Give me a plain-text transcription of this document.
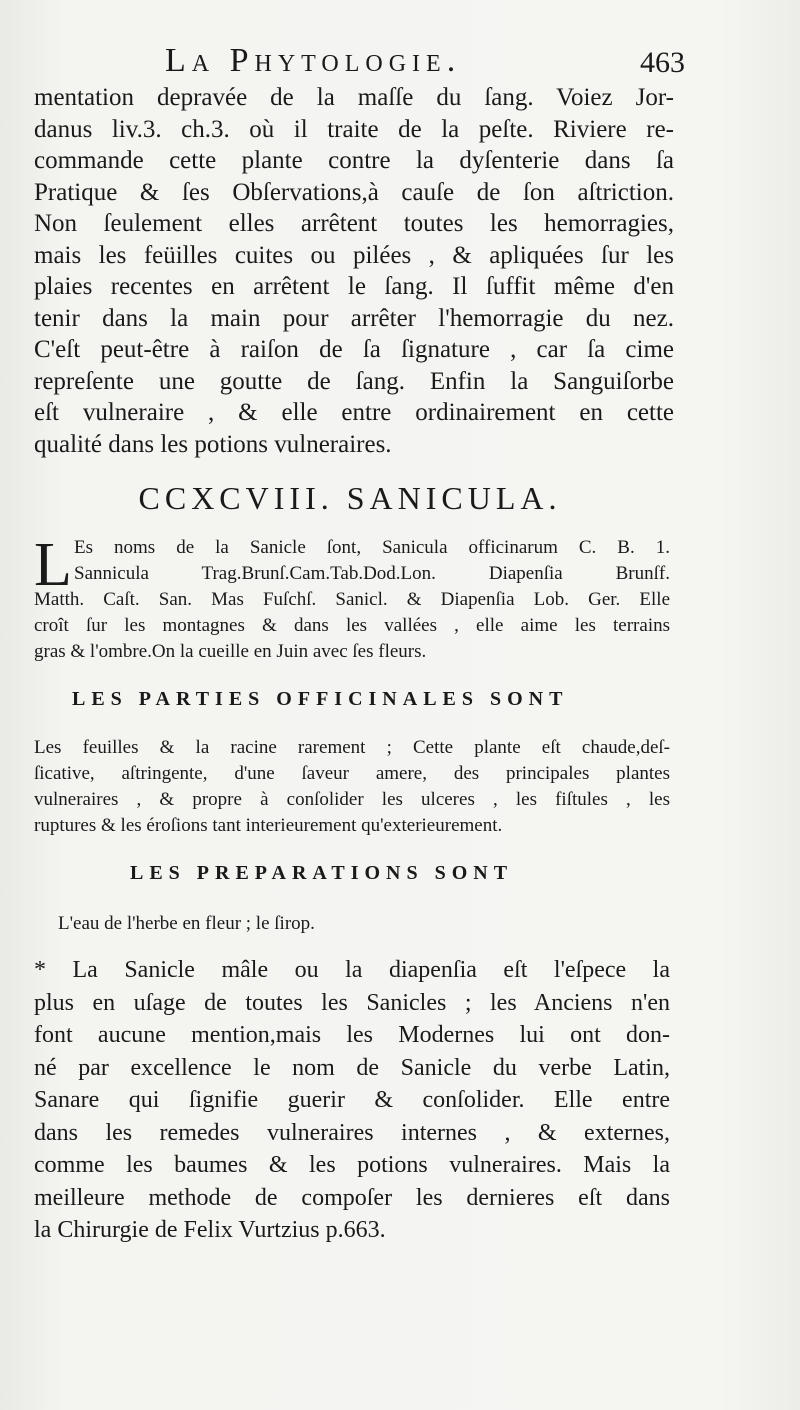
La Phytologie.	463
mentation depravée de la maſſe du ſang. Voiez Jor-
danus liv.3. ch.3. où il traite de la peſte. Riviere re-
commande cette plante contre la dyſenterie dans ſa
Pratique & ſes Obſervations,à cauſe de ſon aſtriction.
Non ſeulement elles arrêtent toutes les hemorragies,
mais les feüilles cuites ou pilées , & apliquées ſur les
plaies recentes en arrêtent le ſang. Il ſuffit même d'en
tenir dans la main pour arrêter l'hemorragie du nez.
C'eſt peut-être à raiſon de ſa ſignature , car ſa cime
repreſente une goutte de ſang. Enfin la Sanguiſorbe
eſt vulneraire , & elle entre ordinairement en cette
qualité dans les potions vulneraires.
CCXCVIII. SANICULA.
L Es noms de la Sanicle ſont, Sanicula officinarum C. B. 1.
Sannicula Trag.Brunſ.Cam.Tab.Dod.Lon. Diapenſia Brunſf.
Matth. Caſt. San. Mas Fuſchſ. Sanicl. & Diapenſia Lob. Ger. Elle
croît ſur les montagnes & dans les vallées , elle aime les terrains
gras & l'ombre.On la cueille en Juin avec ſes fleurs.
LES PARTIES OFFICINALES SONT
Les feuilles & la racine rarement ; Cette plante eſt chaude,deſ-
ſicative, aſtringente, d'une ſaveur amere, des principales plantes
vulneraires , & propre à conſolider les ulceres , les fiſtules , les
ruptures & les éroſions tant interieurement qu'exterieurement.
LES PREPARATIONS SONT
L'eau de l'herbe en fleur ; le ſirop.
* La Sanicle mâle ou la diapenſia eſt l'eſpece la
plus en uſage de toutes les Sanicles ; les Anciens n'en
font aucune mention,mais les Modernes lui ont don-
né par excellence le nom de Sanicle du verbe Latin,
Sanare qui ſignifie guerir & conſolider. Elle entre
dans les remedes vulneraires internes , & externes,
comme les baumes & les potions vulneraires. Mais la
meilleure methode de compoſer les dernieres eſt dans
la Chirurgie de Felix Vurtzius p.663.
